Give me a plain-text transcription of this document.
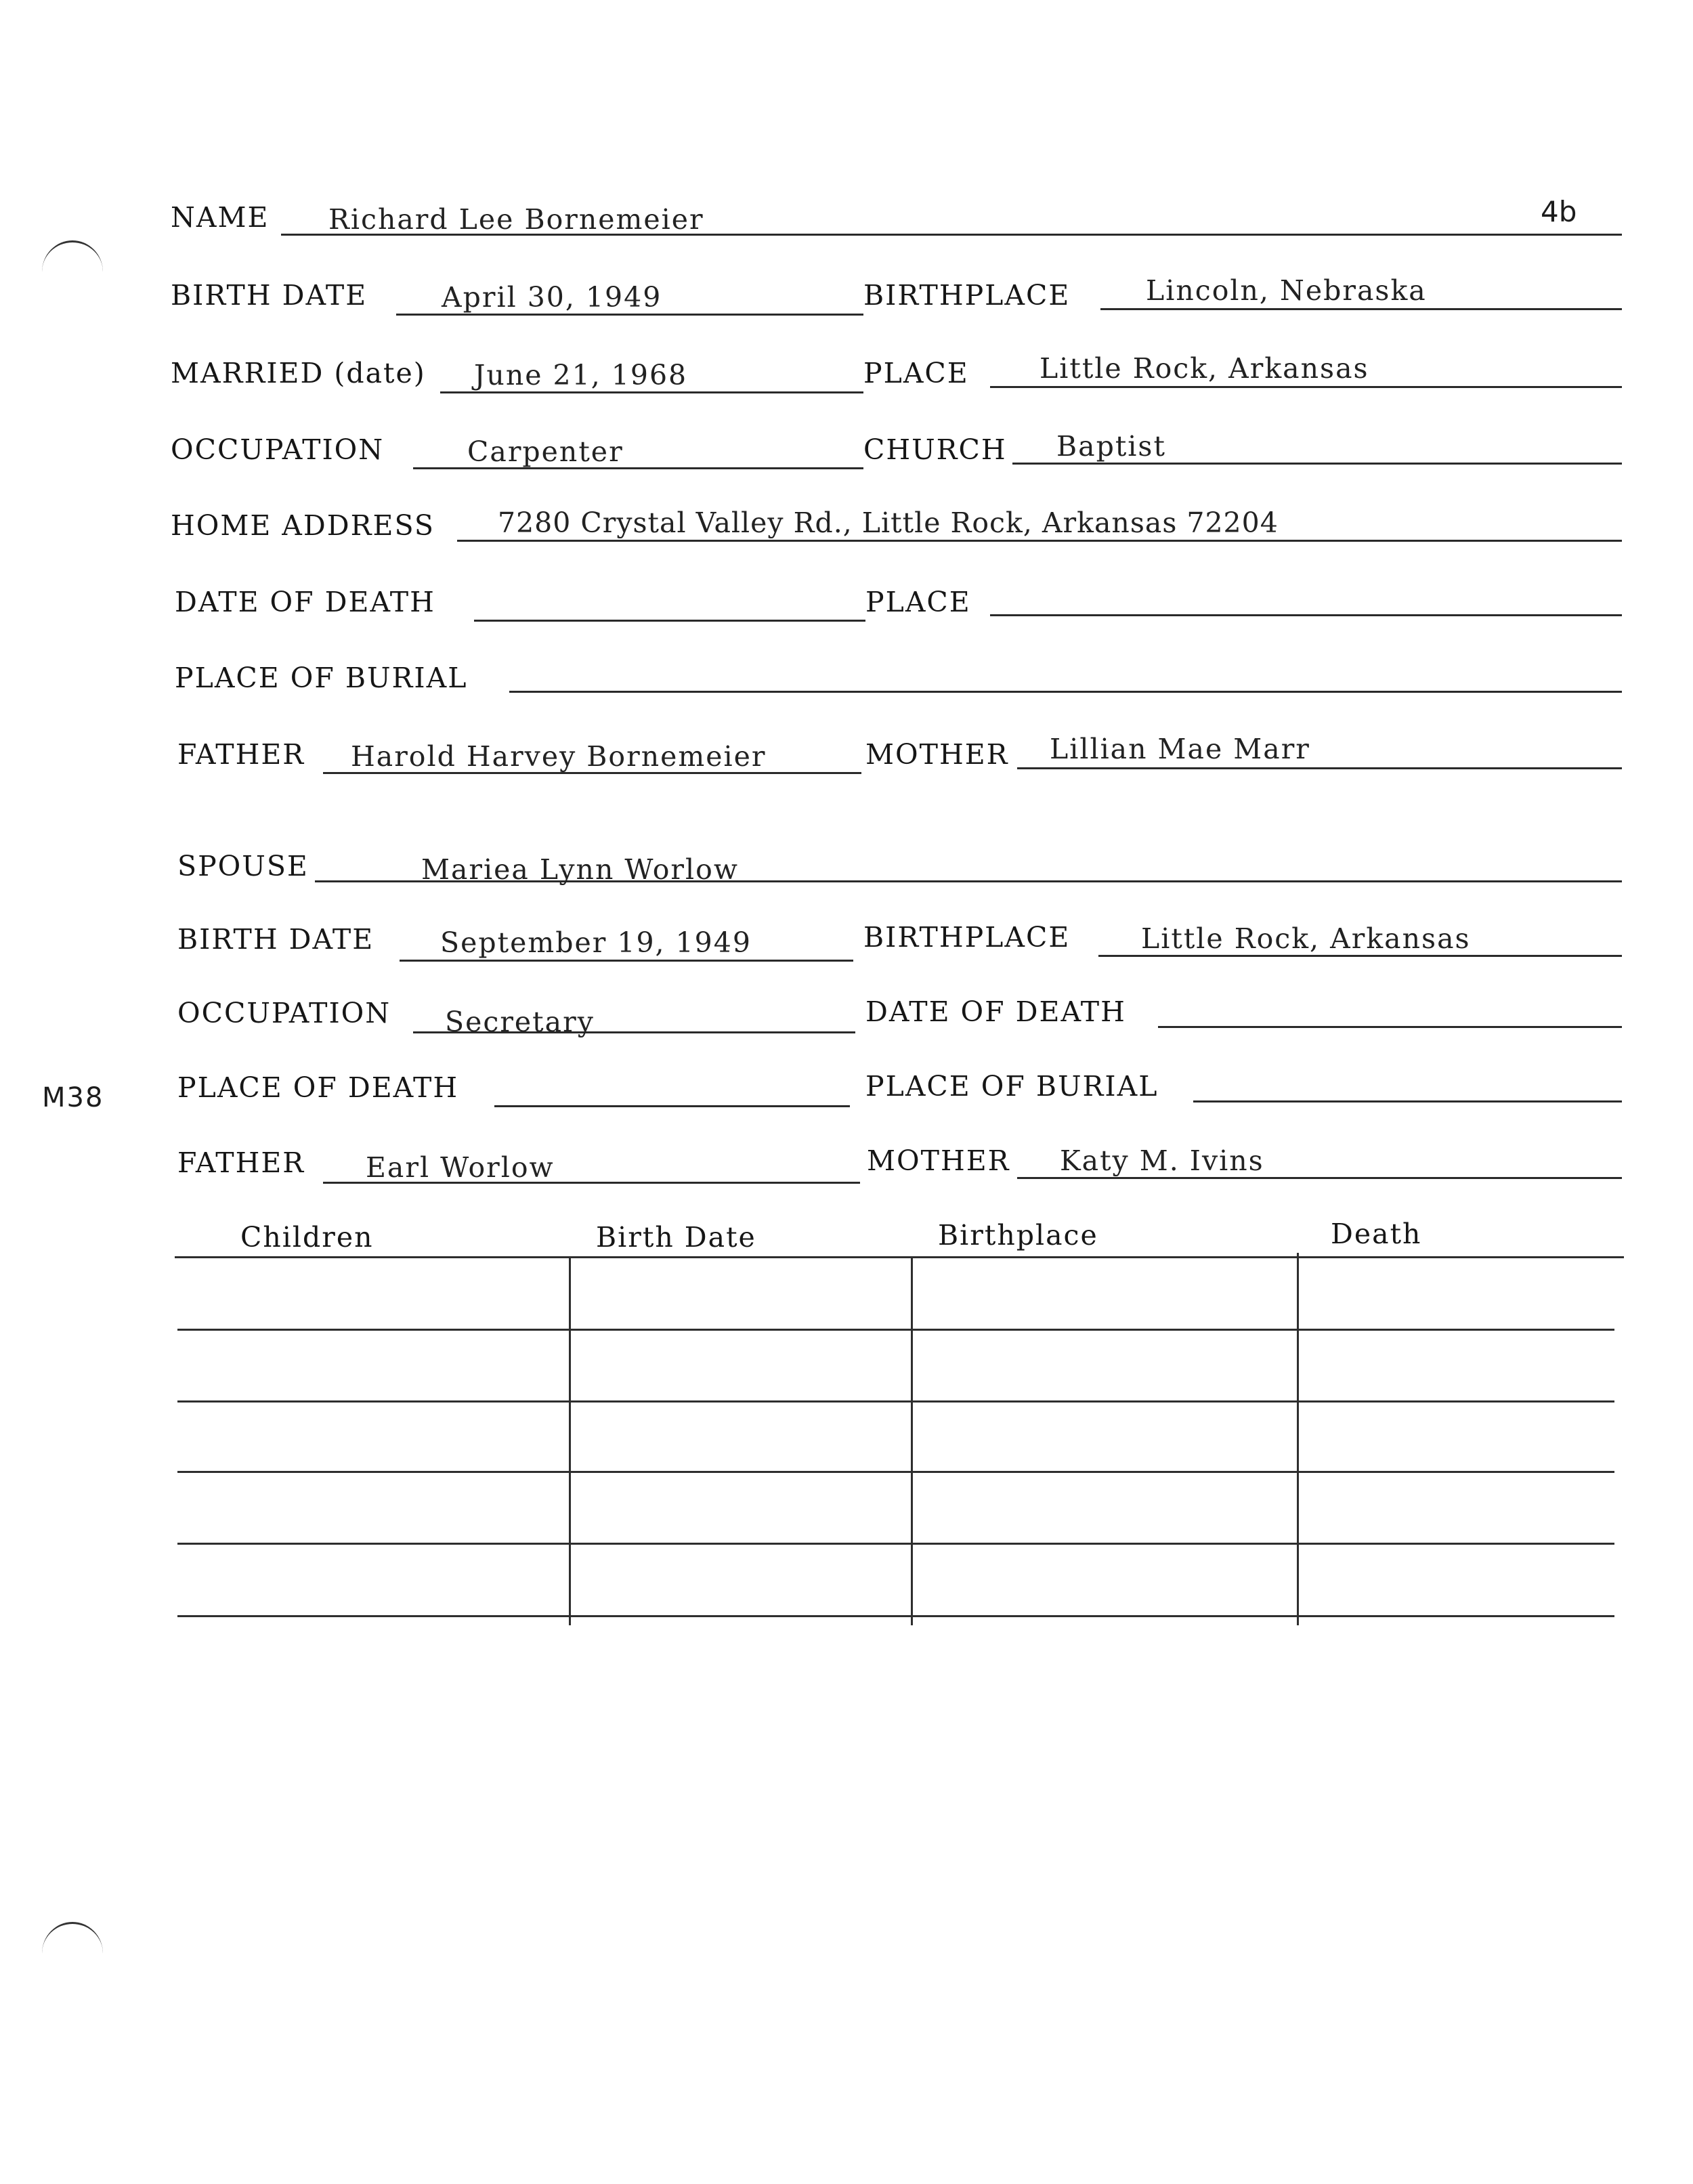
4b
M38
NAME Richard Lee Bornemeier
BIRTH DATE	April 30, 1949	BIRTHPLACE	Lincoln, Nebraska
MARRIED (date) June 21, 1968	PLACE	Little Rock, Arkansas
OCCUPATION	Carpenter	CHURCH Baptist
HOME ADDRESS 7280 Crystal Valley Rd., Little Rock, Arkansas 72204
DATE OF DEATH	PLACE
PLACE OF BURIAL
FATHER Harold Harvey Bornemeier	MOTHER Lillian Mae Marr
SPOUSE	Mariea Lynn Worlow
BIRTH DATE September 19, 1949	BIRTHPLACE	Little Rock, Arkansas
OCCUPATION Secretary	DATE OF DEATH
PLACE OF DEATH	PLACE OF BURIAL
FATHER Earl Worlow	MOTHER Katy M. Ivins
Children	Birth Date	Birthplace	Death
